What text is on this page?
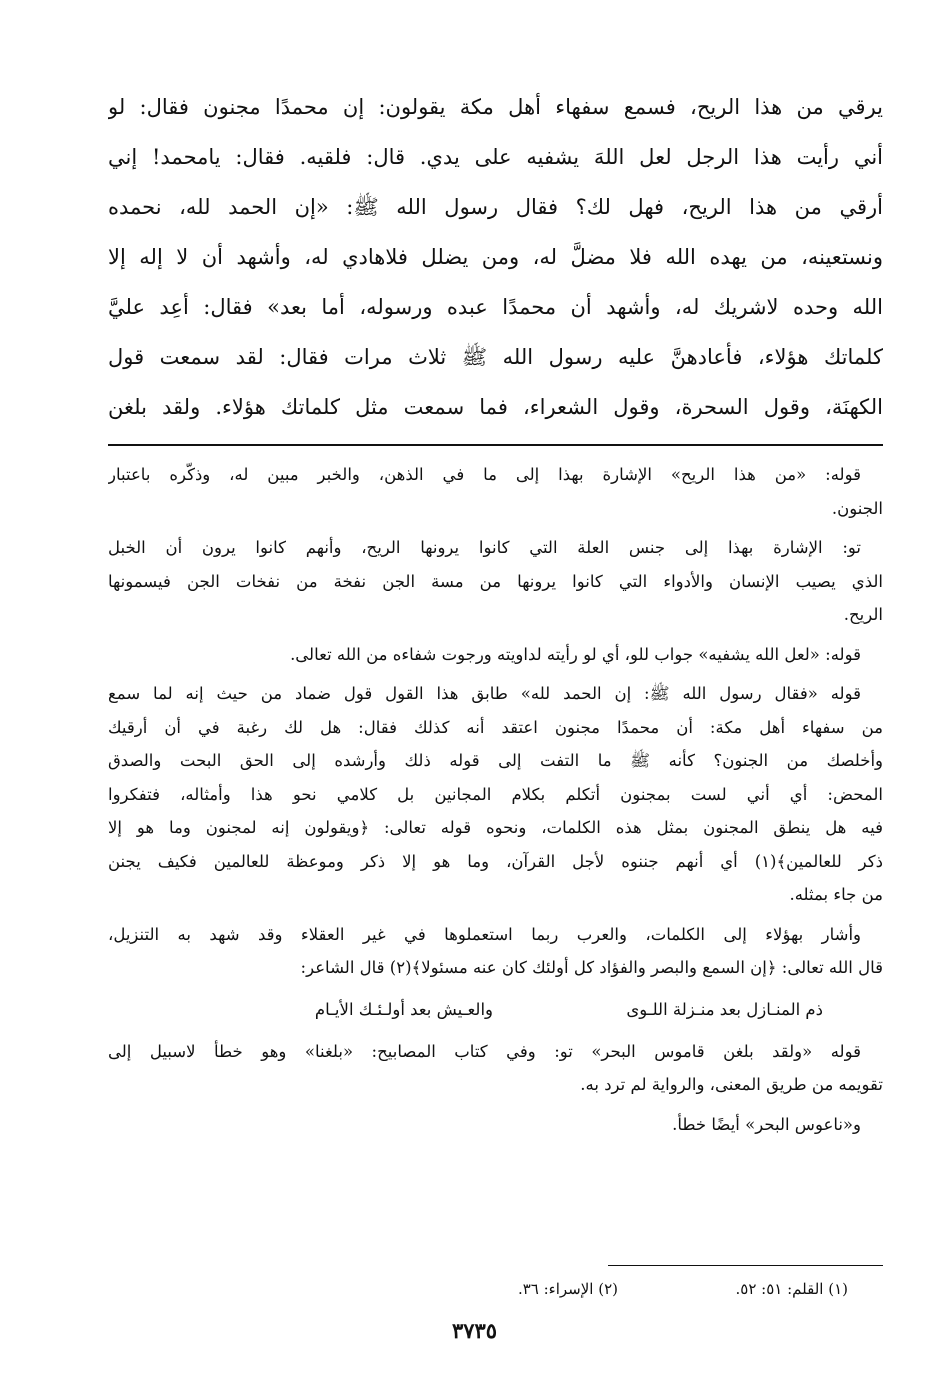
يرقي من هذا الريح، فسمع سفهاء أهل مكة يقولون: إن محمدًا مجنون فقال: لو
أني رأيت هذا الرجل لعل اللهَ يشفيه على يدي. قال: فلقيه. فقال: يامحمد! إني
أرقي من هذا الريح، فهل لك؟ فقال رسول الله ﷺ: «إن الحمد لله، نحمده
ونستعينه، من يهده الله فلا مضلَّ له، ومن يضلل فلاهادي له، وأشهد أن لا إله إلا
الله وحده لاشريك له، وأشهد أن محمدًا عبده ورسوله، أما بعد» فقال: أعِد عليَّ
كلماتك هؤلاء، فأعادهنَّ عليه رسول الله ﷺ ثلاث مرات فقال: لقد سمعت قول
الكهنَة، وقول السحرة، وقول الشعراء، فما سمعت مثل كلماتك هؤلاء. ولقد بلغن
قوله: «من هذا الريح» الإشارة بهذا إلى ما في الذهن، والخبر مبين له، وذكّره باعتبار
الجنون.
تو: الإشارة بهذا إلى جنس العلة التي كانوا يرونها الريح، وأنهم كانوا يرون أن الخبل
الذي يصيب الإنسان والأدواء التي كانوا يرونها من مسة الجن نفخة من نفخات الجن فيسمونها
الريح.
قوله: «لعل الله يشفيه» جواب للو، أي لو رأيته لداويته ورجوت شفاءه من الله تعالى.
قوله «فقال رسول الله ﷺ: إن الحمد لله» طابق هذا القول قول ضماد من حيث إنه لما سمع
من سفهاء أهل مكة: أن محمدًا مجنون اعتقد أنه كذلك فقال: هل لك رغبة في أن أرقيك
وأخلصك من الجنون؟ كأنه ﷺ ما التفت إلى قوله ذلك وأرشده إلى الحق البحت والصدق
المحض: أي أني لست بمجنون أتكلم بكلام المجانين بل كلامي نحو هذا وأمثاله، فتفكروا
فيه هل ينطق المجنون بمثل هذه الكلمات، ونحوه قوله تعالى: ﴿ويقولون إنه لمجنون وما هو إلا
ذكر للعالمين﴾(١) أي أنهم جننوه لأجل القرآن، وما هو إلا ذكر وموعظة للعالمين فكيف يجنن
من جاء بمثله.
وأشار بهؤلاء إلى الكلمات، والعرب ربما استعملوها في غير العقلاء وقد شهد به التنزيل،
قال الله تعالى: ﴿إن السمع والبصر والفؤاد كل أولئك كان عنه مسئولا﴾(٢) قال الشاعر:
ذم المنـازل بعد منـزلة اللـوى
والعـيش بعد أولـئـك الأيـام
قوله «ولقد بلغن قاموس البحر» تو: وفي كتاب المصابيح: «بلغنا» وهو خطأ لاسبيل إلى
تقويمه من طريق المعنى، والرواية لم ترد به.
و«ناعوس البحر» أيضًا خطأ.
(١) القلم: ٥١: ٥٢.
(٢) الإسراء: ٣٦.
٣٧٣٥
